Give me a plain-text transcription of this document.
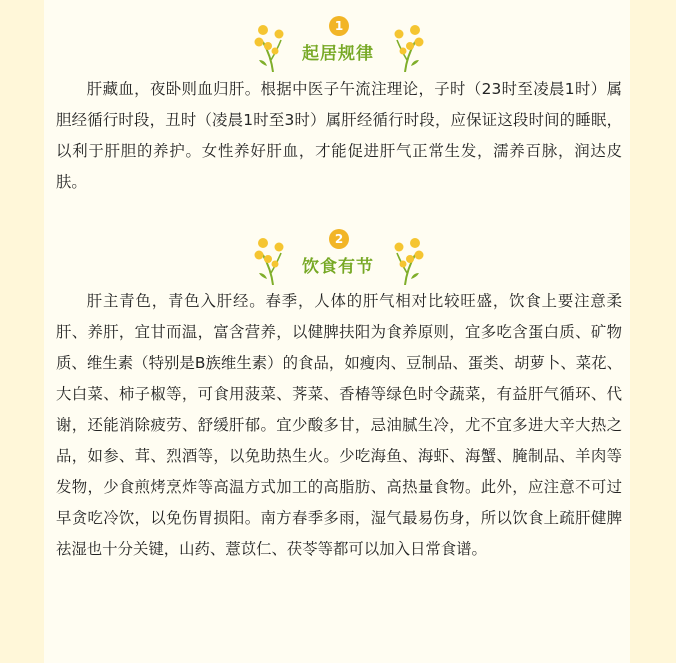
1
起居规律

肝藏血，夜卧则血归肝。根据中医子午流注理论，子时（23时至凌晨1时）属胆经循行时段，丑时（凌晨1时至3时）属肝经循行时段，应保证这段时间的睡眠，以利于肝胆的养护。女性养好肝血，才能促进肝气正常生发，濡养百脉，润达皮肤。

2
饮食有节

肝主青色，青色入肝经。春季，人体的肝气相对比较旺盛，饮食上要注意柔肝、养肝，宜甘而温，富含营养，以健脾扶阳为食养原则，宜多吃含蛋白质、矿物质、维生素（特别是B族维生素）的食品，如瘦肉、豆制品、蛋类、胡萝卜、菜花、大白菜、柿子椒等，可食用菠菜、荠菜、香椿等绿色时令蔬菜，有益肝气循环、代谢，还能消除疲劳、舒缓肝郁。宜少酸多甘，忌油腻生冷，尤不宜多进大辛大热之品，如参、茸、烈酒等，以免助热生火。少吃海鱼、海虾、海蟹、腌制品、羊肉等发物，少食煎烤烹炸等高温方式加工的高脂肪、高热量食物。此外，应注意不可过早贪吃冷饮，以免伤胃损阳。南方春季多雨，湿气最易伤身，所以饮食上疏肝健脾祛湿也十分关键，山药、薏苡仁、茯苓等都可以加入日常食谱。
